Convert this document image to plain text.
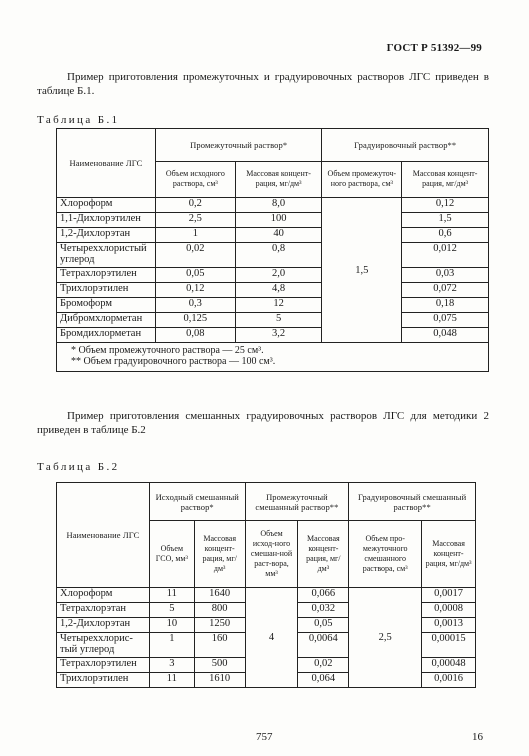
ГОСТ Р 51392—99
Пример приготовления промежуточных и градуировочных растворов ЛГС приведен в таблице Б.1.
Таблица Б.1
Наименование ЛГС	Промежуточный раствор*		Градуировочный раствор**	
	Объем исходного раствора, см³	Массовая концент-рация, мг/дм³	Объем промежуточ-ного раствора, см³	Массовая концент-рация, мг/дм³
Хлороформ	0,2	8,0	1,5	0,12
1,1-Дихлорэтилен	2,5	100		1,5
1,2-Дихлорэтан	1	40		0,6
Четыреххлористый углерод	0,02	0,8		0,012
Тетрахлорэтилен	0,05	2,0		0,03
Трихлорэтилен	0,12	4,8		0,072
Бромоформ	0,3	12		0,18
Дибромхлорметан	0,125	5		0,075
Бромдихлорметан	0,08	3,2		0,048

* Объем промежуточного раствора — 25 см³.
** Объем градуировочного раствора — 100 см³.				
Пример приготовления смешанных градуировочных растворов ЛГС для методики 2 приведен в таблице Б.2
Таблица Б.2
Наименование ЛГС	Исходный смешанный раствор*		Промежуточный смешанный раствор**		Градуировочный смешанный раствор**	
	Объем ГСО, мм³	Массовая концент-рация, мг/дм³	Объем исход-ного смешан-ной раст-вора, мм³	Массовая концент-рация, мг/дм³	Объем про-межуточного смешанного раствора, см³	Массовая концент-рация, мг/дм³
Хлороформ	11	1640	4	0,066	2,5	0,0017
Тетрахлорэтан	5	800		0,032		0,0008
1,2-Дихлорэтан	10	1250		0,05		0,0013
Четыреххлорис-тый углерод	1	160		0,0064		0,00015
Тетрахлорэтилен	3	500		0,02		0,00048
Трихлорэтилен	11	1610		0,064		0,0016
757	16
